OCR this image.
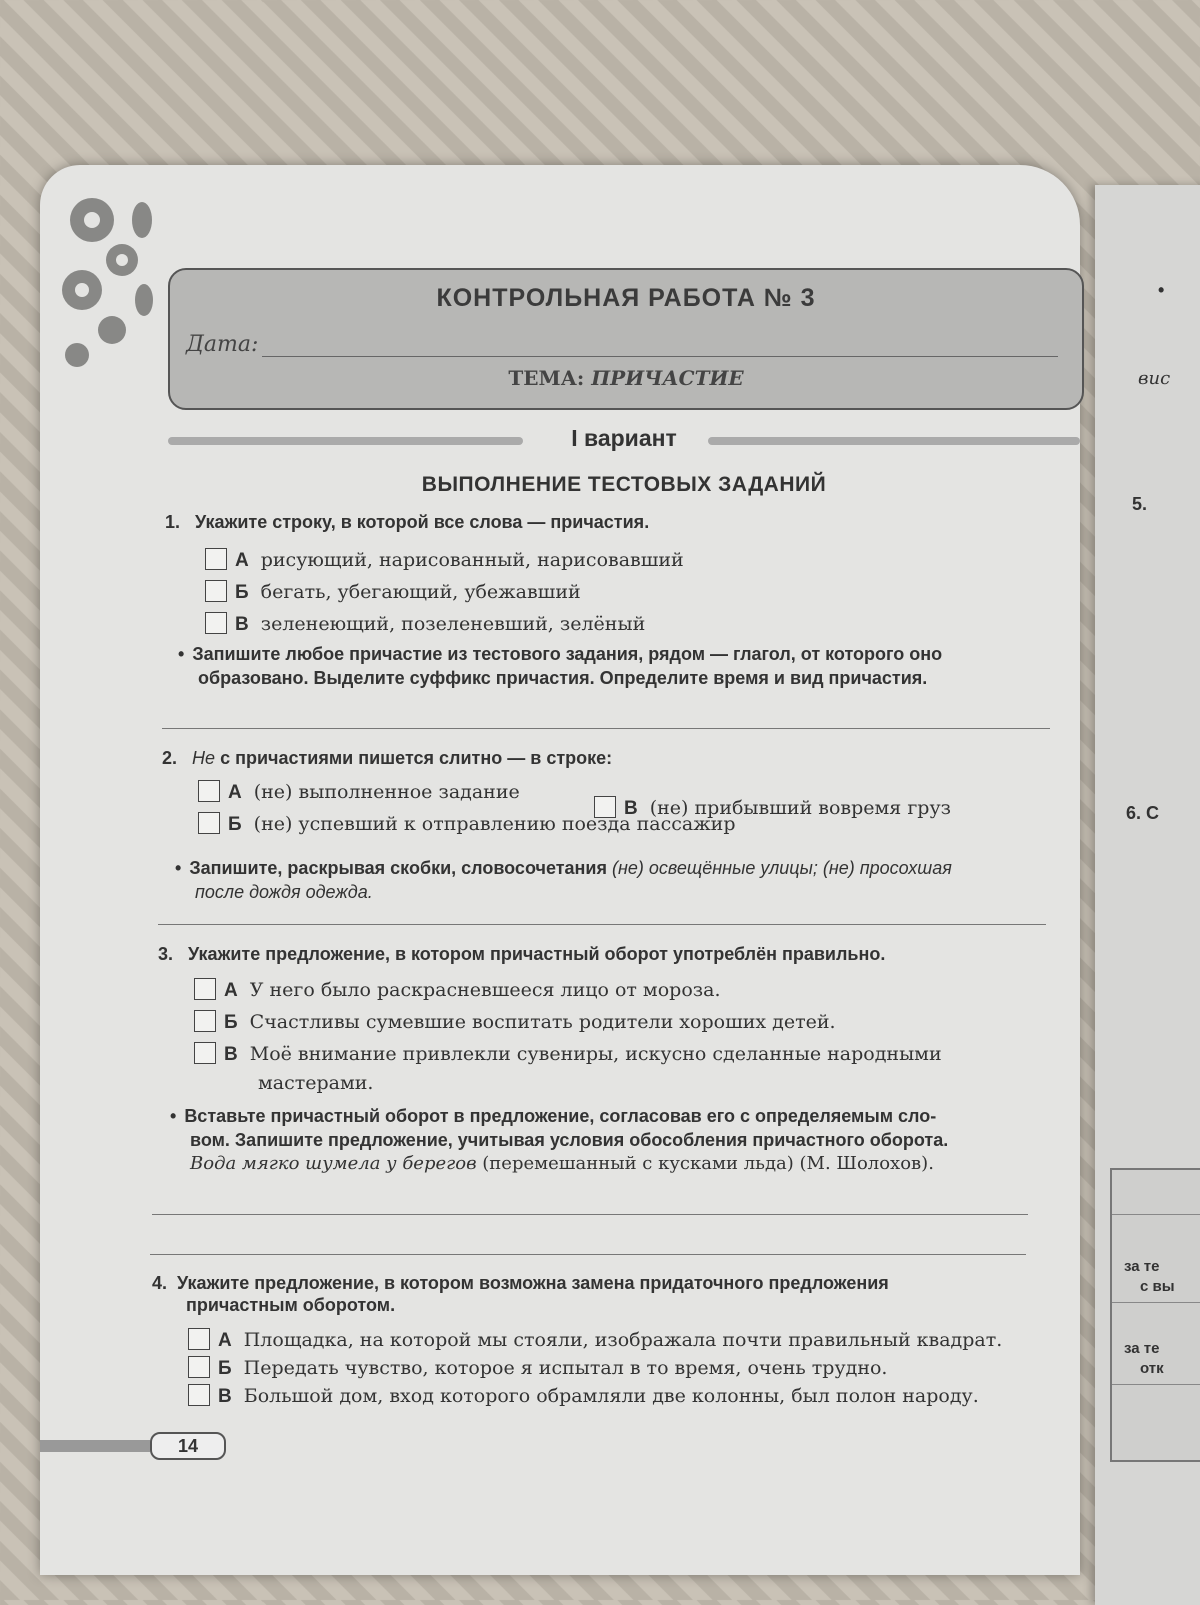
КОНТРОЛЬНАЯ РАБОТА № 3
Дата:
ТЕМА: ПРИЧАСТИЕ
I вариант
ВЫПОЛНЕНИЕ ТЕСТОВЫХ ЗАДАНИЙ
1. Укажите строку, в которой все слова — причастия.
А рисующий, нарисованный, нарисовавший
Б бегать, убегающий, убежавший
В зеленеющий, позеленевший, зелёный
• Запишите любое причастие из тестового задания, рядом — глагол, от которого оно
образовано. Выделите суффикс причастия. Определите время и вид причастия.
2. Не с причастиями пишется слитно — в строке:
А (не) выполненное задание
В (не) прибывший вовремя груз
Б (не) успевший к отправлению поезда пассажир
• Запишите, раскрывая скобки, словосочетания (не) освещённые улицы; (не) просохшая
после дождя одежда.
3. Укажите предложение, в котором причастный оборот употреблён правильно.
А У него было раскрасневшееся лицо от мороза.
Б Счастливы сумевшие воспитать родители хороших детей.
В Моё внимание привлекли сувениры, искусно сделанные народными
мастерами.
• Вставьте причастный оборот в предложение, согласовав его с определяемым сло-
вом. Запишите предложение, учитывая условия обособления причастного оборота.
Вода мягко шумела у берегов (перемешанный с кусками льда) (М. Шолохов).
4. Укажите предложение, в котором возможна замена придаточного предложения
причастным оборотом.
А Площадка, на которой мы стояли, изображала почти правильный квадрат.
Б Передать чувство, которое я испытал в то время, очень трудно.
В Большой дом, вход которого обрамляли две колонны, был полон народу.
14
•
вис
5.
6. С
за те
с вы
за те
отк
